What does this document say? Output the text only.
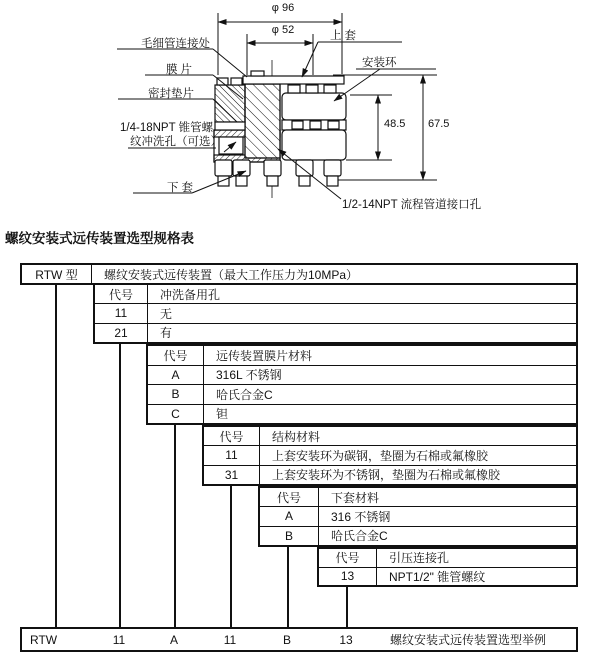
φ 96
φ 52
48.5 67.5
毛细管连接处
膜片
密封垫片
1/4-18NPT 锥管螺
纹冲洗孔（可选）
下套
上套
安装环
1/2-14NPT 流程管道接口孔
螺纹安装式远传装置选型规格表
RTW 型	螺纹安装式远传装置（最大工作压力为10MPa）
代号	冲洗备用孔
11	无
21	有
代号	远传装置膜片材料
A	316L 不锈钢
B	哈氏合金C
C	钽
代号	结构材料
11	上套安装环为碳钢，垫圈为石棉或氟橡胶
31	上套安装环为不锈钢，垫圈为石棉或氟橡胶
代号	下套材料
A	316 不锈钢
B	哈氏合金C
代号	引压连接孔
13	NPT1/2" 锥管螺纹
RTW	11	A	11	B	13	螺纹安装式远传装置选型举例
